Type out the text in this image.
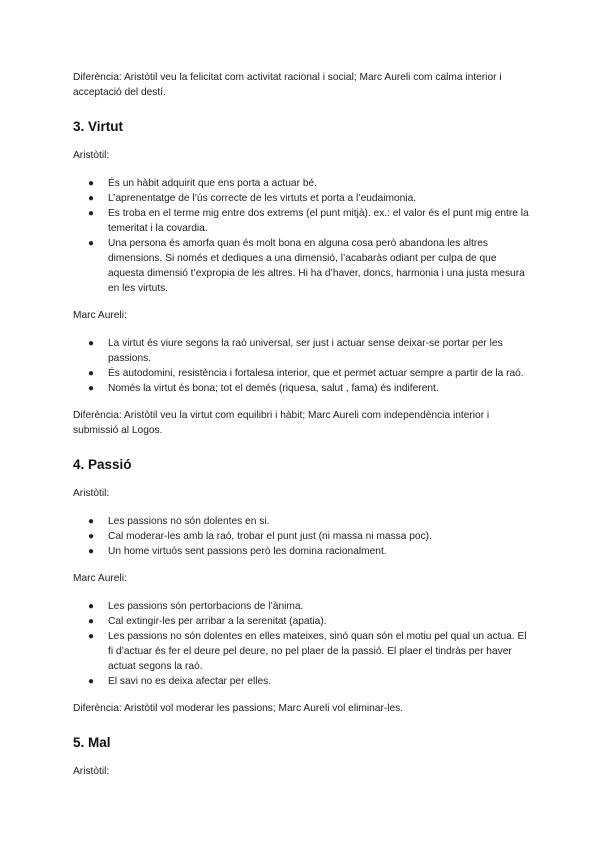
Diferència: Aristòtil veu la felicitat com activitat racional i social; Marc Aureli com calma interior i acceptació del destí.

3. Virtut

Aristòtil:

● És un hàbit adquirit que ens porta a actuar bé.
● L’aprenentatge de l’ús correcte de les virtuts et porta a l’eudaimonia.
● Es troba en el terme mig entre dos extrems (el punt mitjà). ex.: el valor és el punt mig entre la temeritat i la covardia.
● Una persona és amorfa quan és molt bona en alguna cosa però abandona les altres dimensions. Si només et dediques a una dimensió, l’acabaràs odiant per culpa de que aquesta dimensió t’expropia de les altres. Hi ha d’haver, doncs, harmonia i una justa mesura en les virtuts.

Marc Aureli:

● La virtut és viure segons la raó universal, ser just i actuar sense deixar-se portar per les passions.
● És autodomini, resistència i fortalesa interior, que et permet actuar sempre a partir de la raó.
● Només la virtut és bona; tot el demés (riquesa, salut , fama) és indiferent.

Diferència: Aristòtil veu la virtut com equilibri i hàbit; Marc Aureli com independència interior i submissió al Logos.

4. Passió

Aristòtil:

● Les passions no són dolentes en si.
● Cal moderar-les amb la raó, trobar el punt just (ni massa ni massa poc).
● Un home virtuós sent passions però les domina racionalment.

Marc Aureli:

● Les passions són pertorbacions de l’ànima.
● Cal extingir-les per arribar a la serenitat (apatia).
● Les passions no són dolentes en elles mateixes, sinó quan són el motiu pel qual un actua. El fi d’actuar és fer el deure pel deure, no pel plaer de la passió. El plaer el tindràs per haver actuat segons la raó.
● El savi no es deixa afectar per elles.

Diferència: Aristòtil vol moderar les passions; Marc Aureli vol eliminar-les.

5. Mal

Aristòtil:
